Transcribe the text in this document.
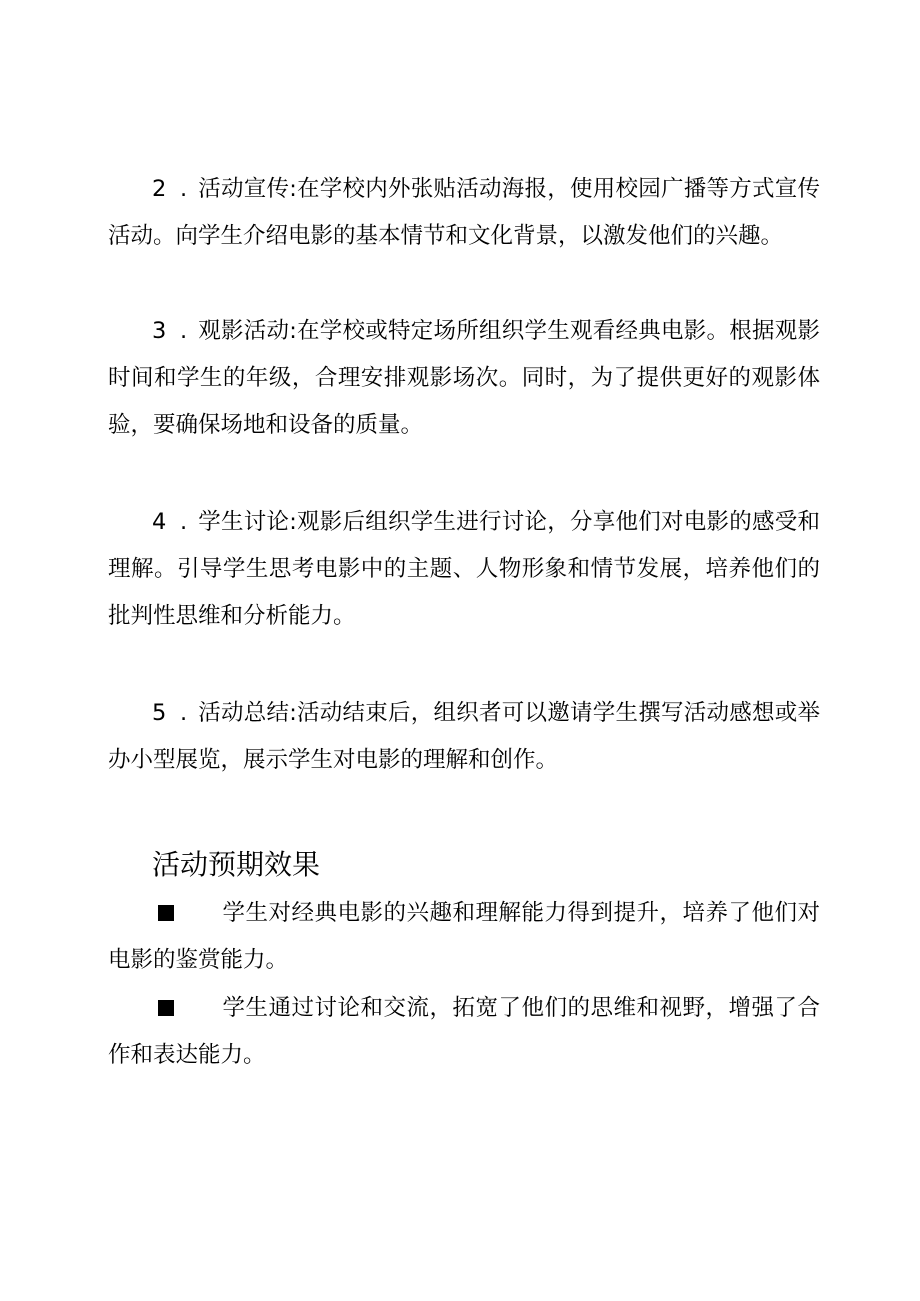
2 . 活动宣传:在学校内外张贴活动海报，使用校园广播等方式宣传活动。向学生介绍电影的基本情节和文化背景，以激发他们的兴趣。

3 . 观影活动:在学校或特定场所组织学生观看经典电影。根据观影时间和学生的年级，合理安排观影场次。同时，为了提供更好的观影体验，要确保场地和设备的质量。

4 . 学生讨论:观影后组织学生进行讨论，分享他们对电影的感受和理解。引导学生思考电影中的主题、人物形象和情节发展，培养他们的批判性思维和分析能力。

5 . 活动总结:活动结束后，组织者可以邀请学生撰写活动感想或举办小型展览，展示学生对电影的理解和创作。

活动预期效果

学生对经典电影的兴趣和理解能力得到提升，培养了他们对电影的鉴赏能力。

学生通过讨论和交流，拓宽了他们的思维和视野，增强了合作和表达能力。
